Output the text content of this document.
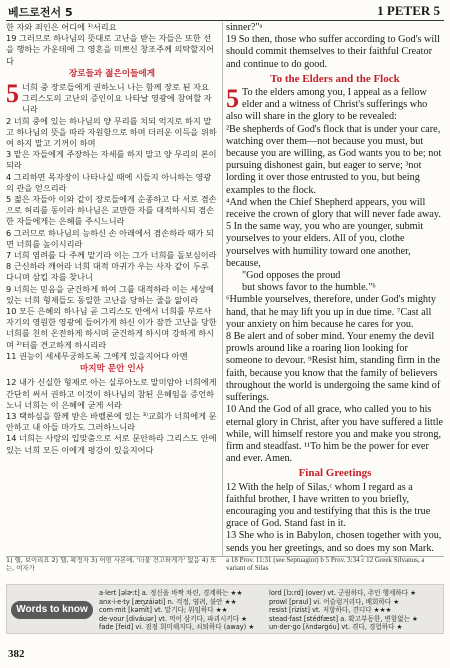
베드로전서 5	1 PETER 5

한 자와 죄인은 어디에 ¹⁾서리요

19 그러므로 하나님의 뜻대로 고난을 받는 자들은 또한 선을 행하는 가운데에 그 영혼을 미쁘신 창조주께 의탁할지어다

장로들과 젊은이들에게
5 너희 중 장로들에게 권하노니 나는 함께 장로 된 자요 그리스도의 고난의 증인이요 나타날 영광에 참여할 자니라

2 너희 중에 있는 하나님의 양 무리를 치되 억지로 하지 말고 하나님의 뜻을 따라 자원함으로 하며 더러운 이득을 위하여 하지 말고 기꺼이 하며

3 맡은 자들에게 주장하는 자세를 하지 말고 양 무리의 본이 되라

4 그리하면 목자장이 나타나실 때에 시들지 아니하는 영광의 관을 얻으리라

5 젊은 자들아 이와 같이 장로들에게 순종하고 다 서로 겸손으로 허리를 동이라 하나님은 교만한 자를 대적하시되 겸손한 자들에게는 은혜를 주시느니라

6 그러므로 하나님의 능하신 손 아래에서 겸손하라 때가 되면 너희를 높이시리라

7 너희 염려를 다 주께 맡기라 이는 그가 너희를 돌보심이라

8 근신하라 깨어라 너희 대적 마귀가 우는 사자 같이 두루 다니며 삼킬 자를 찾나니

9 너희는 믿음을 굳건하게 하여 그를 대적하라 이는 세상에 있는 너희 형제들도 동일한 고난을 당하는 줄을 앎이라

10 모든 은혜의 하나님 곧 그리스도 안에서 너희를 부르사 자기의 영원한 영광에 들어가게 하신 이가 잠깐 고난을 당한 너희를 친히 온전하게 하시며 굳건하게 하시며 강하게 하시며 ²⁾터를 견고하게 하시리라

11 권능이 세세무궁하도록 그에게 있을지어다 아멘

마지막 문안 인사

12 내가 신실한 형제로 아는 실루아노로 말미암아 너희에게 간단히 써서 권하고 이것이 하나님의 참된 은혜임을 증언하노니 너희는 이 은혜에 굳게 서라

13 택하심을 함께 받은 바벨론에 있는 ³⁾교회가 너희에게 문안하고 내 아들 마가도 그러하느니라

14 너희는 사랑의 입맞춤으로 서로 문안하라 그리스도 안에 있는 너희 모든 이에게 평강이 있을지어다

sinner?"ᵃ

19 So then, those who suffer according to God's will should commit themselves to their faithful Creator and continue to do good.

To the Elders and the Flock
5 To the elders among you, I appeal as a fellow elder and a witness of Christ's sufferings who also will share in the glory to be revealed:

²Be shepherds of God's flock that is under your care, watching over them—not because you must, but because you are willing, as God wants you to be; not pursuing dishonest gain, but eager to serve; ³not lording it over those entrusted to you, but being examples to the flock.

⁴And when the Chief Shepherd appears, you will receive the crown of glory that will never fade away.

5 In the same way, you who are younger, submit yourselves to your elders. All of you, clothe yourselves with humility toward one another, because,

"God opposes the proud

but shows favor to the humble."ᵇ

⁶Humble yourselves, therefore, under God's mighty hand, that he may lift you up in due time. ⁷Cast all your anxiety on him because he cares for you.

8 Be alert and of sober mind. Your enemy the devil prowls around like a roaring lion looking for someone to devour. ⁹Resist him, standing firm in the faith, because you know that the family of believers throughout the world is undergoing the same kind of sufferings.

10 And the God of all grace, who called you to his eternal glory in Christ, after you have suffered a little while, will himself restore you and make you strong, firm and steadfast. ¹¹To him be the power for ever and ever. Amen.

Final Greetings

12 With the help of Silas,ᶜ whom I regard as a faithful brother, I have written to you briefly, encouraging you and testifying that this is the true grace of God. Stand fast in it.

13 She who is in Babylon, chosen together with you, sends you her greetings, and so does my son Mark.

1) 헬, 보이리요 2) 헬, 확정자 3) 어떤 사본에, '더불 견고하게가' 없음 4) 또는, 여자가
a 18 Prov. 11:31 (see Septuagint) b 5 Prov. 3:34 c 12 Greek Silvanus, a variant of Silas
Words to know
a·lert [əlɚːt] a. 정신을 바짝 차린, 경계하는 ★★
anx·i·e·ty [æŋzáiəti] n. 걱정, 염려, 불안 ★★
com·mit [kəmít] vt. 맡기다; 위임하다 ★★
de·vour [diváuər] vt. 먹어 삼키다, 파괴시키다 ★
fade [feid] vi. 점점 희미해지다, 쇠퇴하다 (away) ★
lord [lɔːrd] (over) vt. 군림하다, 주인 행세하다 ★
prowl [praul] vi. 어슬렁거리다, 배회하다 ★
resist [rizíst] vt. 저항하다, 견디다 ★★★
stead·fast [stédfæst] a. 확고부동한, 변함없는 ★
un·der·go [ʌ̀ndərgóu] vt. 겪다, 경험하다 ★
382
